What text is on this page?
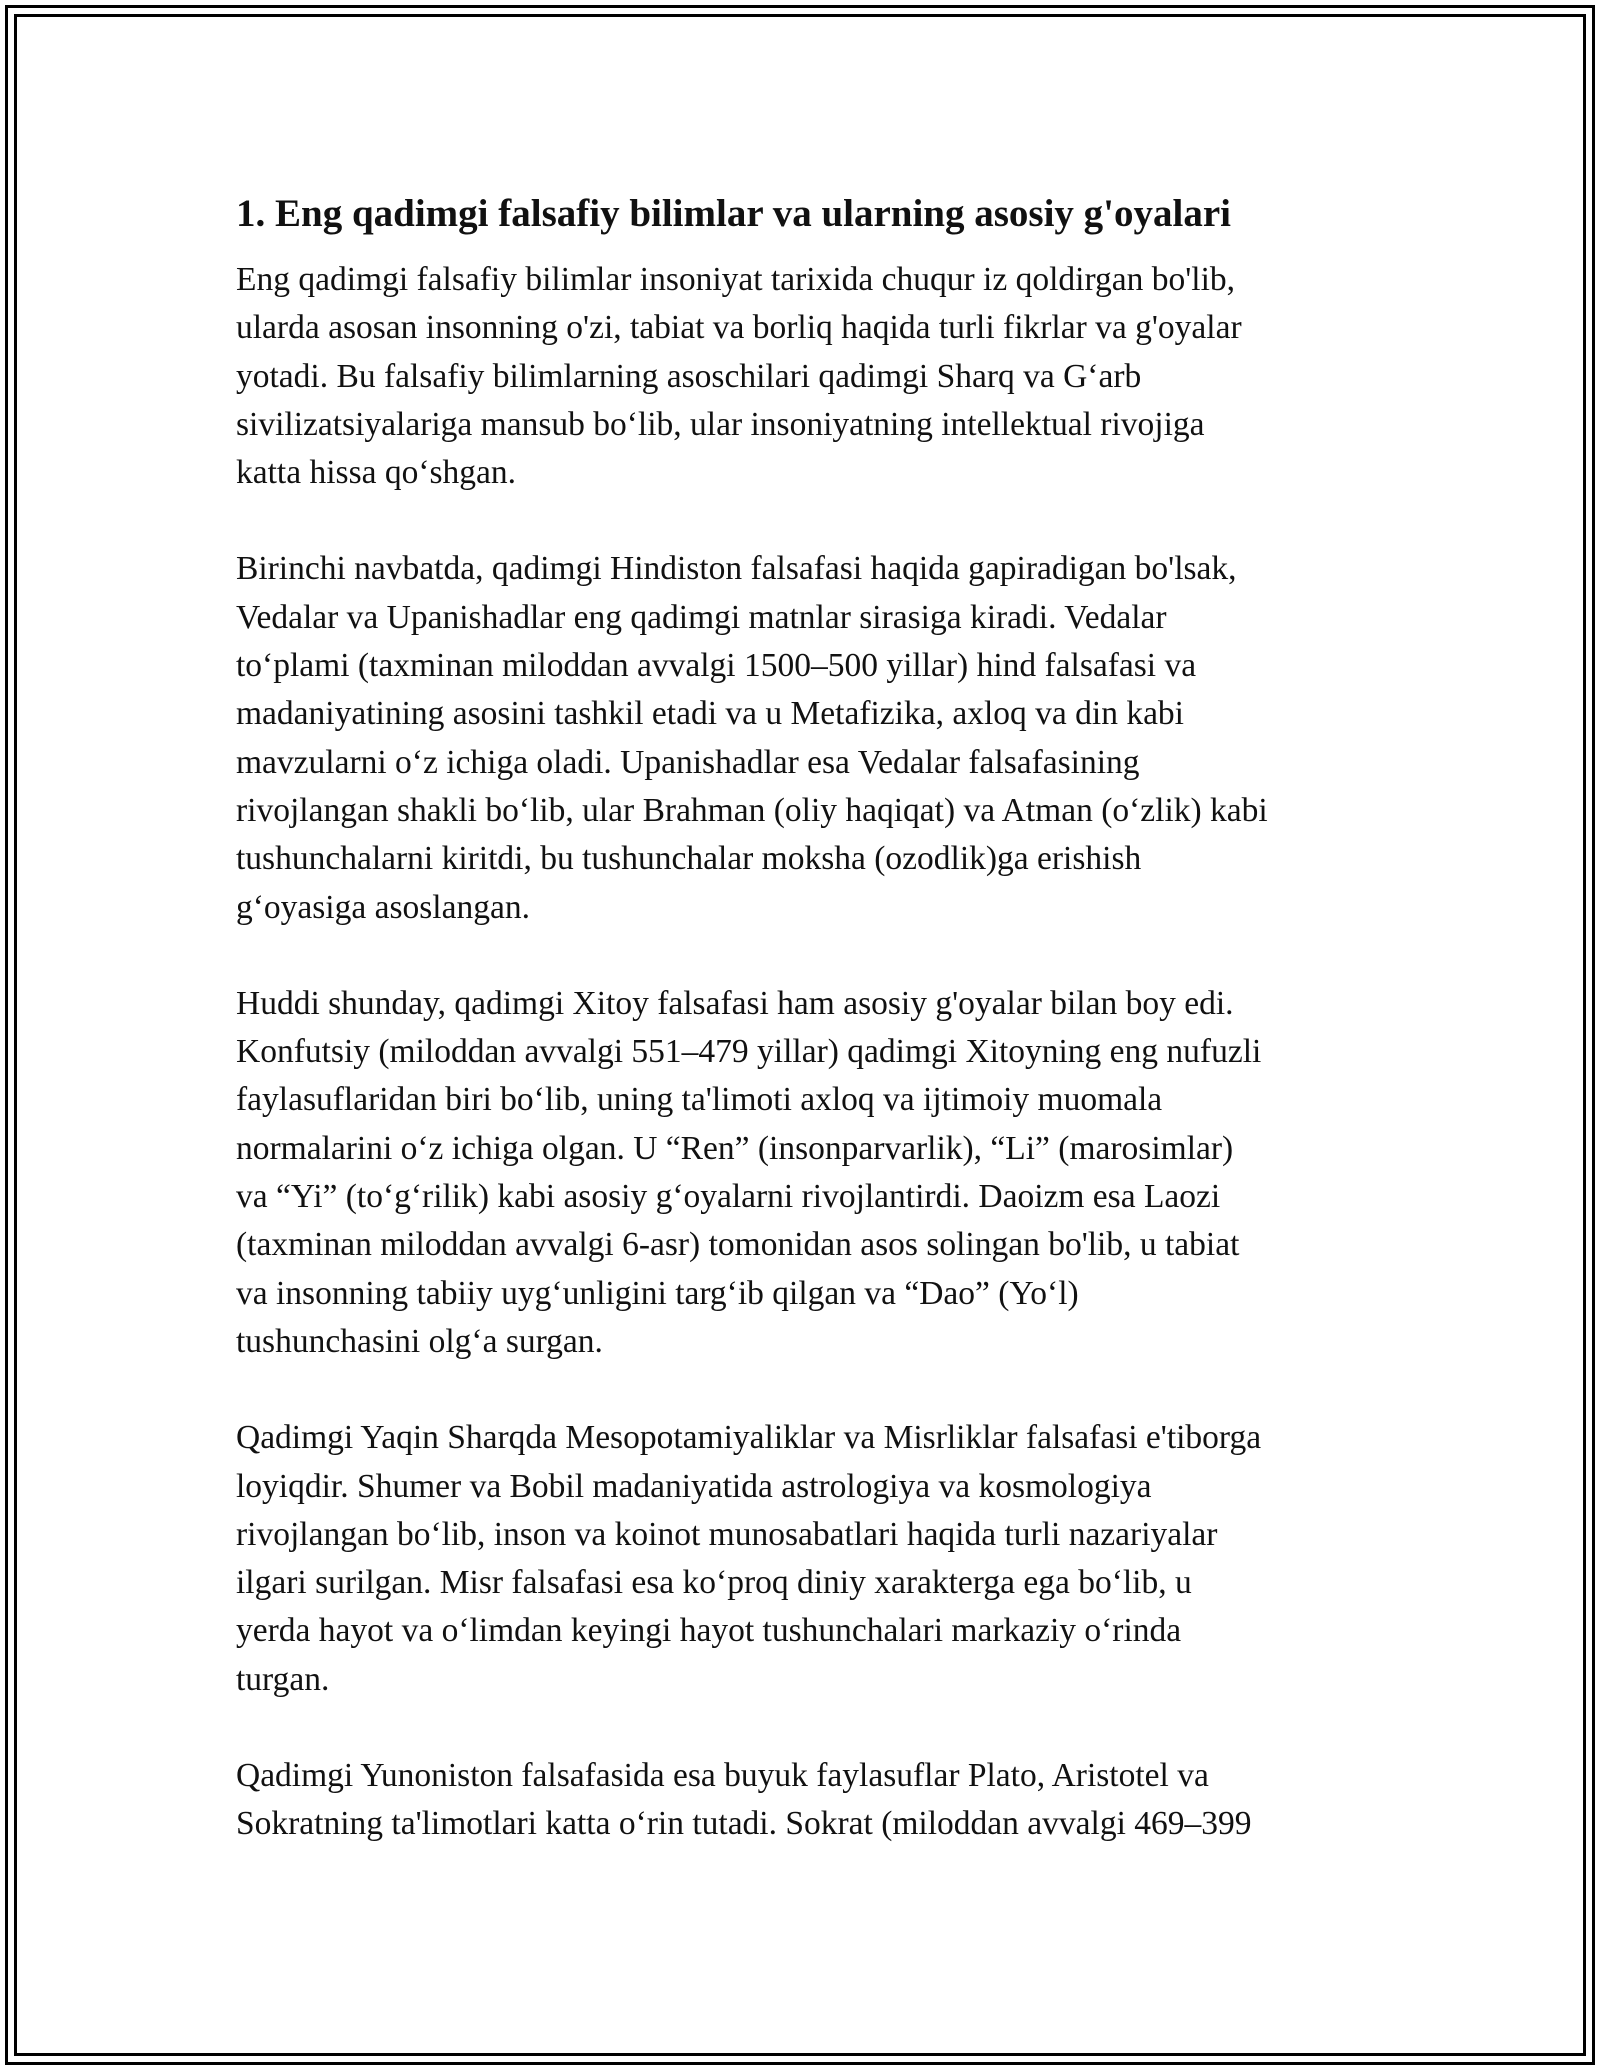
1. Eng qadimgi falsafiy bilimlar va ularning asosiy g'oyalari
Eng qadimgi falsafiy bilimlar insoniyat tarixida chuqur iz qoldirgan bo'lib,
ularda asosan insonning o'zi, tabiat va borliq haqida turli fikrlar va g'oyalar
yotadi. Bu falsafiy bilimlarning asoschilari qadimgi Sharq va G‘arb
sivilizatsiyalariga mansub bo‘lib, ular insoniyatning intellektual rivojiga
katta hissa qo‘shgan.
Birinchi navbatda, qadimgi Hindiston falsafasi haqida gapiradigan bo'lsak,
Vedalar va Upanishadlar eng qadimgi matnlar sirasiga kiradi. Vedalar
to‘plami (taxminan miloddan avvalgi 1500–500 yillar) hind falsafasi va
madaniyatining asosini tashkil etadi va u Metafizika, axloq va din kabi
mavzularni o‘z ichiga oladi. Upanishadlar esa Vedalar falsafasining
rivojlangan shakli bo‘lib, ular Brahman (oliy haqiqat) va Atman (o‘zlik) kabi
tushunchalarni kiritdi, bu tushunchalar moksha (ozodlik)ga erishish
g‘oyasiga asoslangan.
Huddi shunday, qadimgi Xitoy falsafasi ham asosiy g'oyalar bilan boy edi.
Konfutsiy (miloddan avvalgi 551–479 yillar) qadimgi Xitoyning eng nufuzli
faylasuflaridan biri bo‘lib, uning ta'limoti axloq va ijtimoiy muomala
normalarini o‘z ichiga olgan. U “Ren” (insonparvarlik), “Li” (marosimlar)
va “Yi” (to‘g‘rilik) kabi asosiy g‘oyalarni rivojlantirdi. Daoizm esa Laozi
(taxminan miloddan avvalgi 6-asr) tomonidan asos solingan bo'lib, u tabiat
va insonning tabiiy uyg‘unligini targ‘ib qilgan va “Dao” (Yo‘l)
tushunchasini olg‘a surgan.
Qadimgi Yaqin Sharqda Mesopotamiyaliklar va Misrliklar falsafasi e'tiborga
loyiqdir. Shumer va Bobil madaniyatida astrologiya va kosmologiya
rivojlangan bo‘lib, inson va koinot munosabatlari haqida turli nazariyalar
ilgari surilgan. Misr falsafasi esa ko‘proq diniy xarakterga ega bo‘lib, u
yerda hayot va o‘limdan keyingi hayot tushunchalari markaziy o‘rinda
turgan.
Qadimgi Yunoniston falsafasida esa buyuk faylasuflar Plato, Aristotel va
Sokratning ta'limotlari katta o‘rin tutadi. Sokrat (miloddan avvalgi 469–399
